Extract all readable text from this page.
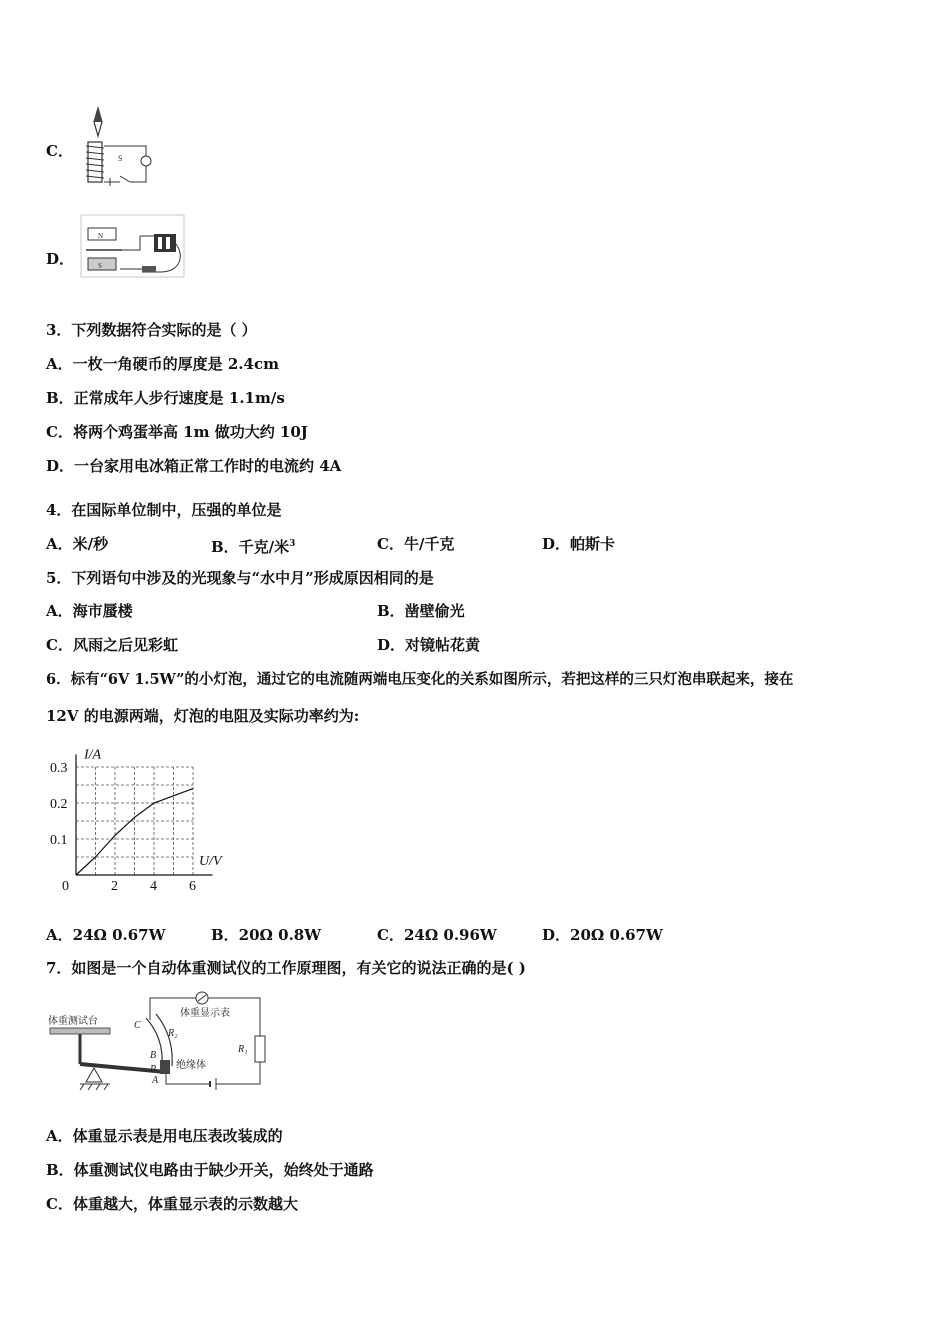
C．	S
D．
N
S
3．下列数据符合实际的是（ ）
A．一枚一角硬币的厚度是 2.4cm
B．正常成年人步行速度是 1.1m/s
C．将两个鸡蛋举高 1m 做功大约 10J
D．一台家用电冰箱正常工作时的电流约 4A
4．在国际单位制中，压强的单位是
A．米/秒	B．千克/米$^3$	C．牛/千克	D．帕斯卡
5．下列语句中涉及的光现象与“水中月”形成原因相同的是
A．海市蜃楼	B．凿壁偷光
C．风雨之后见彩虹	D．对镜帖花黄
6．标有“6V 1.5W”的小灯泡，通过它的电流随两端电压变化的关系如图所示，若把这样的三只灯泡串联起来，接在
12V 的电源两端，灯泡的电阻及实际功率约为:
0	2 4 6
0.1
0.2
0.3
I/A
U/V
A．24Ω 0.67W	B．20Ω 0.8W	C．24Ω 0.96W	D．20Ω 0.67W
7．如图是一个自动体重测试仪的工作原理图，有关它的说法正确的是( )
体重测试台	C
R₂
B
P
A
绝缘体
体重显示表
R₁
A．体重显示表是用电压表改装成的
B．体重测试仪电路由于缺少开关，始终处于通路
C．体重越大，体重显示表的示数越大
